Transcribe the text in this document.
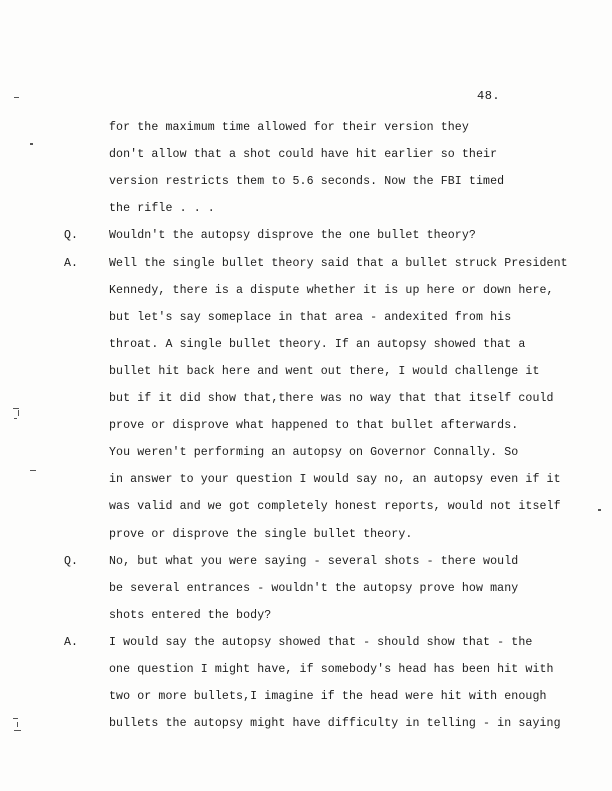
48.
for the maximum time allowed for their version they
don't allow that a shot could have hit earlier so their
version restricts them to 5.6 seconds. Now the FBI timed
the rifle . . .
Q.	Wouldn't the autopsy disprove the one bullet theory?
A.	Well the single bullet theory said that a bullet struck President
Kennedy, there is a dispute whether it is up here or down here,
but let's say someplace in that area - andexited from his
throat. A single bullet theory. If an autopsy showed that a
bullet hit back here and went out there, I would challenge it
but if it did show that,there was no way that that itself could
prove or disprove what happened to that bullet afterwards.
You weren't performing an autopsy on Governor Connally. So
in answer to your question I would say no, an autopsy even if it
was valid and we got completely honest reports, would not itself
prove or disprove the single bullet theory.
Q.	No, but what you were saying - several shots - there would
be several entrances - wouldn't the autopsy prove how many
shots entered the body?
A.	I would say the autopsy showed that - should show that - the
one question I might have, if somebody's head has been hit with
two or more bullets,I imagine if the head were hit with enough
bullets the autopsy might have difficulty in telling - in saying
